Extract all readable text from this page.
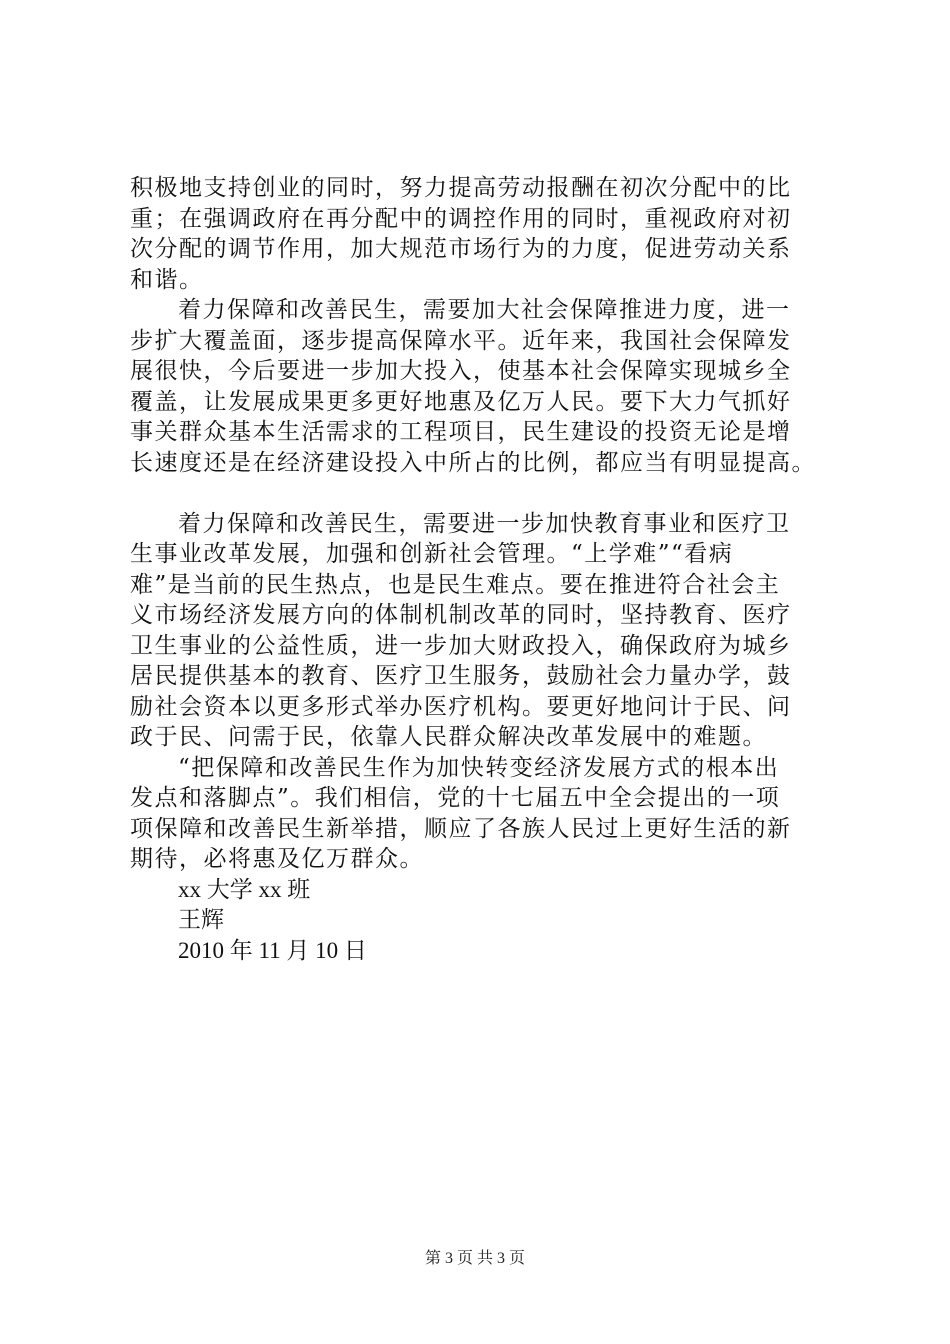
积极地支持创业的同时，努力提高劳动报酬在初次分配中的比
重；在强调政府在再分配中的调控作用的同时，重视政府对初
次分配的调节作用，加大规范市场行为的力度，促进劳动关系
和谐。
着力保障和改善民生，需要加大社会保障推进力度，进一
步扩大覆盖面，逐步提高保障水平。近年来，我国社会保障发
展很快，今后要进一步加大投入，使基本社会保障实现城乡全
覆盖，让发展成果更多更好地惠及亿万人民。要下大力气抓好
事关群众基本生活需求的工程项目，民生建设的投资无论是增
长速度还是在经济建设投入中所占的比例，都应当有明显提高。
着力保障和改善民生，需要进一步加快教育事业和医疗卫
生事业改革发展，加强和创新社会管理。“上学难”“看病
难”是当前的民生热点，也是民生难点。要在推进符合社会主
义市场经济发展方向的体制机制改革的同时，坚持教育、医疗
卫生事业的公益性质，进一步加大财政投入，确保政府为城乡
居民提供基本的教育、医疗卫生服务，鼓励社会力量办学，鼓
励社会资本以更多形式举办医疗机构。要更好地问计于民、问
政于民、问需于民，依靠人民群众解决改革发展中的难题。
“把保障和改善民生作为加快转变经济发展方式的根本出
发点和落脚点”。我们相信，党的十七届五中全会提出的一项
项保障和改善民生新举措，顺应了各族人民过上更好生活的新
期待，必将惠及亿万群众。
xx 大学 xx 班
王辉
2010 年 11 月 10 日
第 3 页 共 3 页
